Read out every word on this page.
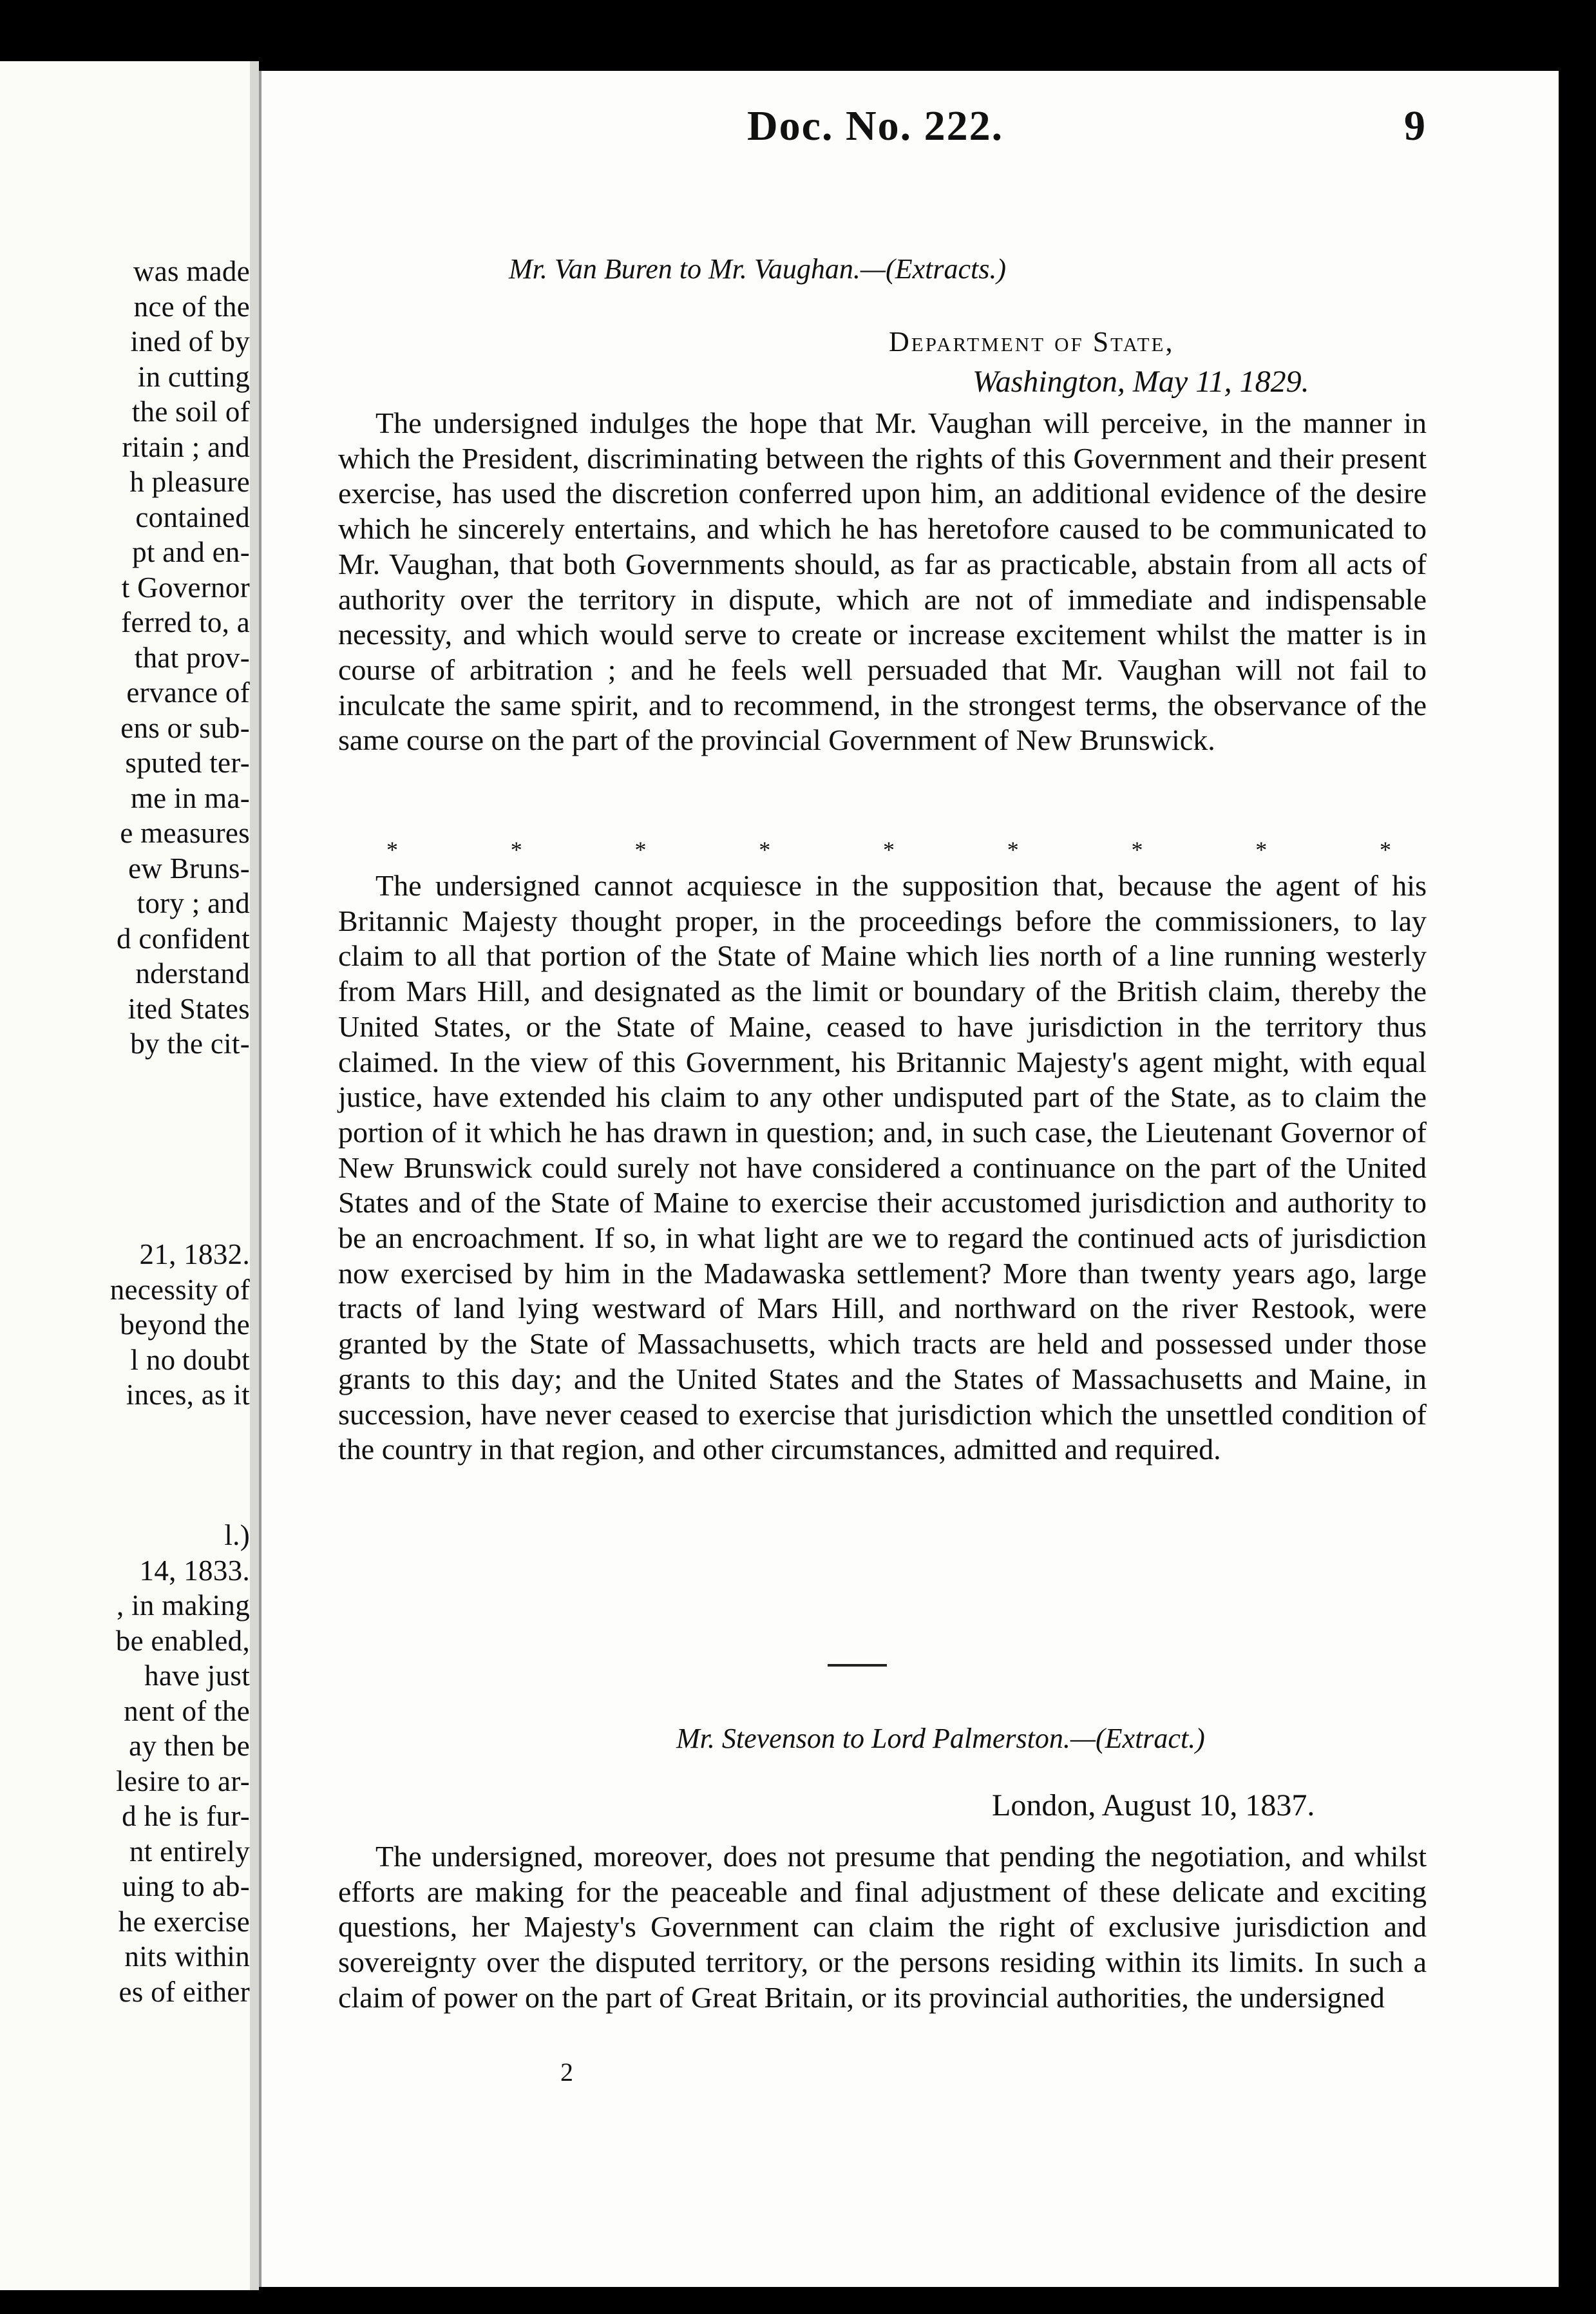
was made
nce of the
ined of by
in cutting
the soil of
ritain ; and
h pleasure
contained
pt and en-
t Governor
ferred to, a
that prov-
ervance of
ens or sub-
sputed ter-
me in ma-
e measures
ew Bruns-
tory ; and
d confident
nderstand
ited States
by the cit-
21, 1832.
necessity of
beyond the
l no doubt
inces, as it
l.)
14, 1833.
, in making
be enabled,
have just
nent of the
ay then be
lesire to ar-
d he is fur-
nt entirely
uing to ab-
he exercise
nits within
es of either
Doc. No. 222.	9
Mr. Van Buren to Mr. Vaughan.—(Extracts.)
Department of State,
Washington, May 11, 1829.
The undersigned indulges the hope that Mr. Vaughan will perceive, in the manner in which the President, discriminating between the rights of this Government and their present exercise, has used the discretion conferred upon him, an additional evidence of the desire which he sincerely entertains, and which he has heretofore caused to be communicated to Mr. Vaughan, that both Governments should, as far as practicable, abstain from all acts of authority over the territory in dispute, which are not of immediate and indispensable necessity, and which would serve to create or increase excitement whilst the matter is in course of arbitration ; and he feels well persuaded that Mr. Vaughan will not fail to inculcate the same spirit, and to recommend, in the strongest terms, the observance of the same course on the part of the provincial Government of New Brunswick.
*	*	*	*	*	*	*	*	*
The undersigned cannot acquiesce in the supposition that, because the agent of his Britannic Majesty thought proper, in the proceedings before the commissioners, to lay claim to all that portion of the State of Maine which lies north of a line running westerly from Mars Hill, and designated as the limit or boundary of the British claim, thereby the United States, or the State of Maine, ceased to have jurisdiction in the territory thus claimed. In the view of this Government, his Britannic Majesty's agent might, with equal justice, have extended his claim to any other undisputed part of the State, as to claim the portion of it which he has drawn in question; and, in such case, the Lieutenant Governor of New Brunswick could surely not have considered a continuance on the part of the United States and of the State of Maine to exercise their accustomed jurisdiction and authority to be an encroachment. If so, in what light are we to regard the continued acts of jurisdiction now exercised by him in the Madawaska settlement? More than twenty years ago, large tracts of land lying westward of Mars Hill, and northward on the river Restook, were granted by the State of Massachusetts, which tracts are held and possessed under those grants to this day; and the United States and the States of Massachusetts and Maine, in succession, have never ceased to exercise that jurisdiction which the unsettled condition of the country in that region, and other circumstances, admitted and required.
Mr. Stevenson to Lord Palmerston.—(Extract.)
London, August 10, 1837.
The undersigned, moreover, does not presume that pending the negotiation, and whilst efforts are making for the peaceable and final adjustment of these delicate and exciting questions, her Majesty's Government can claim the right of exclusive jurisdiction and sovereignty over the disputed territory, or the persons residing within its limits. In such a claim of power on the part of Great Britain, or its provincial authorities, the undersigned
2
